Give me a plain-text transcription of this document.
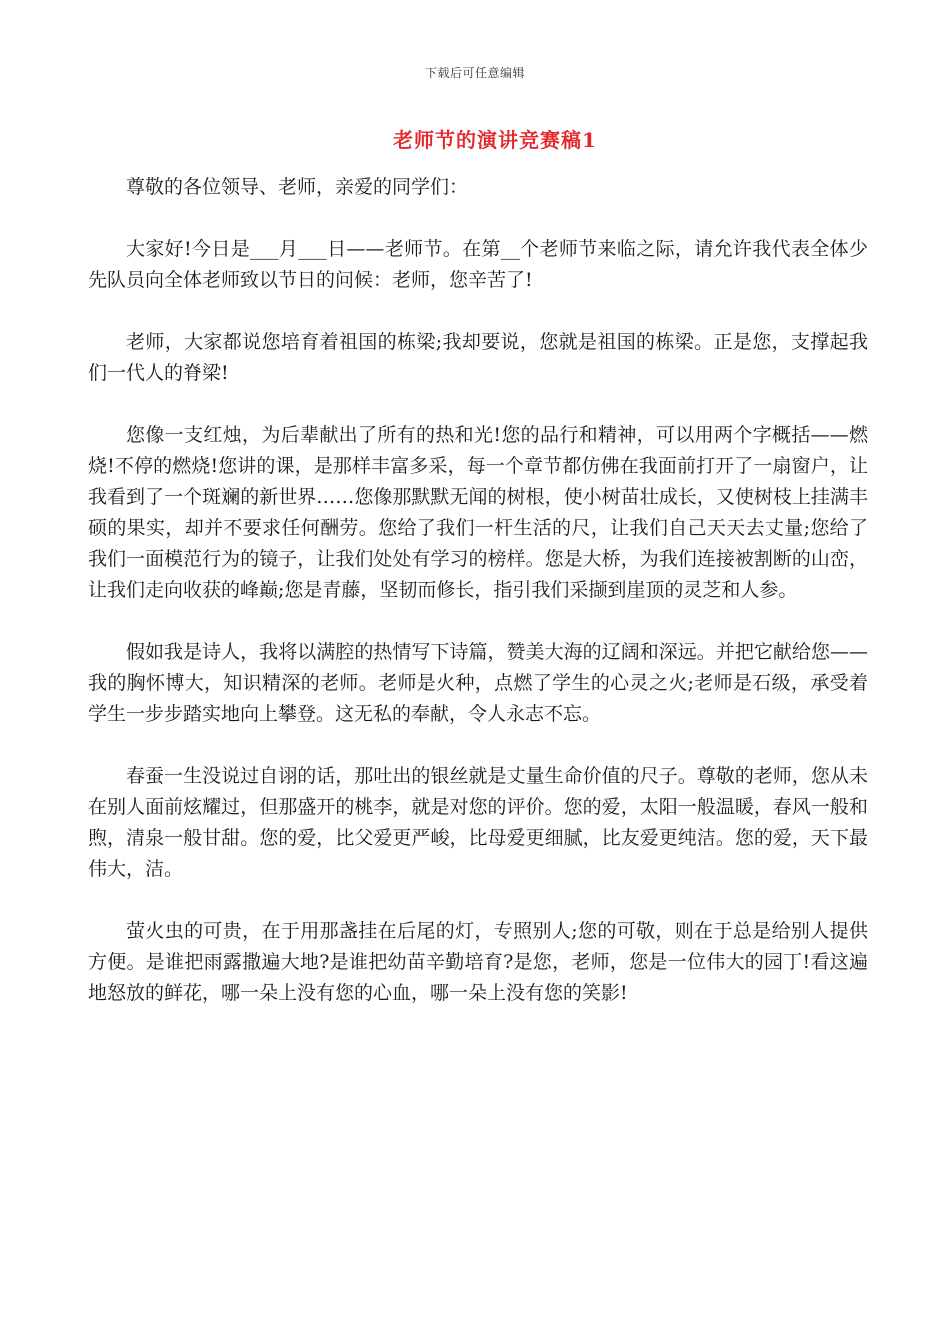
下载后可任意编辑
老师节的演讲竞赛稿1

尊敬的各位领导、老师，亲爱的同学们：

大家好!今日是___月___日——老师节。在第__个老师节来临之际，请允许我代表全体少先队员向全体老师致以节日的问候：老师，您辛苦了!

老师，大家都说您培育着祖国的栋梁;我却要说，您就是祖国的栋梁。正是您，支撑起我们一代人的脊梁!

您像一支红烛，为后辈献出了所有的热和光!您的品行和精神，可以用两个字概括——燃烧!不停的燃烧!您讲的课，是那样丰富多采，每一个章节都仿佛在我面前打开了一扇窗户，让我看到了一个斑斓的新世界……您像那默默无闻的树根，使小树苗壮成长，又使树枝上挂满丰硕的果实，却并不要求任何酬劳。您给了我们一杆生活的尺，让我们自己天天去丈量;您给了我们一面模范行为的镜子，让我们处处有学习的榜样。您是大桥，为我们连接被割断的山峦，让我们走向收获的峰巅;您是青藤，坚韧而修长，指引我们采撷到崖顶的灵芝和人参。

假如我是诗人，我将以满腔的热情写下诗篇，赞美大海的辽阔和深远。并把它献给您——我的胸怀博大，知识精深的老师。老师是火种，点燃了学生的心灵之火;老师是石级，承受着学生一步步踏实地向上攀登。这无私的奉献，令人永志不忘。

春蚕一生没说过自诩的话，那吐出的银丝就是丈量生命价值的尺子。尊敬的老师，您从未在别人面前炫耀过，但那盛开的桃李，就是对您的评价。您的爱，太阳一般温暖，春风一般和煦，清泉一般甘甜。您的爱，比父爱更严峻，比母爱更细腻，比友爱更纯洁。您的爱，天下最伟大，洁。

萤火虫的可贵，在于用那盏挂在后尾的灯，专照别人;您的可敬，则在于总是给别人提供方便。是谁把雨露撒遍大地?是谁把幼苗辛勤培育?是您，老师，您是一位伟大的园丁!看这遍地怒放的鲜花，哪一朵上没有您的心血，哪一朵上没有您的笑影!
